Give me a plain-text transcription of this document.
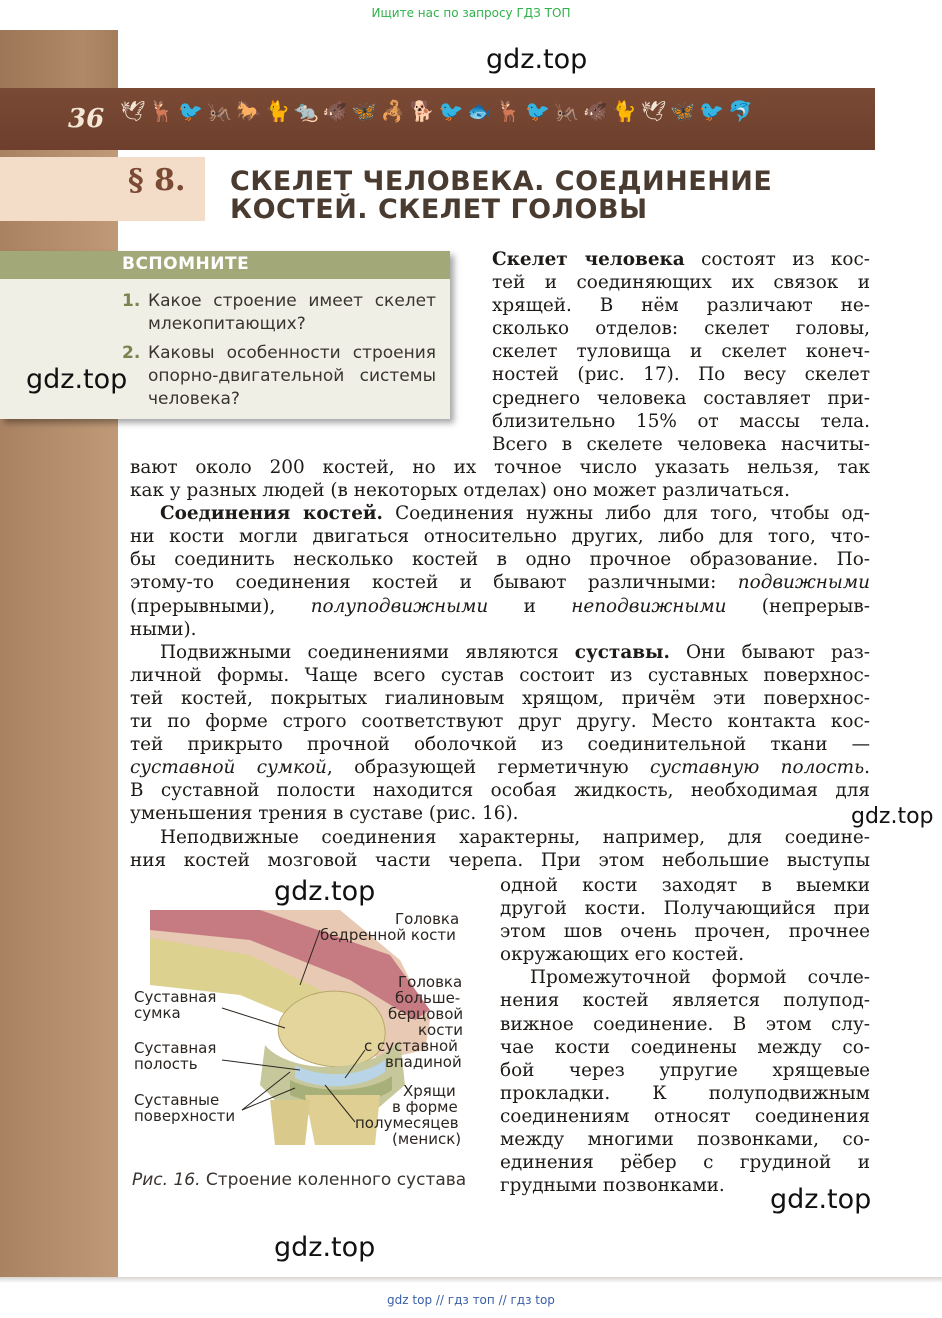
Ищите нас по запросу ГДЗ ТОП
36 🕊 🦌 🐦 🦗 🐎 🐈 🐀 🐗 🦋 🦂 🐕 🐦 🐟 🦌 🐦 🦗 🐗 🐈 🕊 🦋 🐦 🐬
§ 8. СКЕЛЕТ ЧЕЛОВЕКА. СОЕДИНЕНИЕ
КОСТЕЙ. СКЕЛЕТ ГОЛОВЫ
ВСПОМНИТЕ
1. Какое строение имеет скелет млекопитающих?
2. Каковы особенности строения опорно-двигательной системы человека?
Скелет человека состоят из кос-
тей и соединяющих их связок и
хрящей. В нём различают не-
сколько отделов: скелет головы,
скелет туловища и скелет конеч-
ностей (рис. 17). По весу скелет
среднего человека составляет при-
близительно 15% от массы тела.
Всего в скелете человека насчиты-
вают около 200 костей, но их точное число указать нельзя, так
как у разных людей (в некоторых отделах) оно может различаться.
Соединения костей. Соединения нужны либо для того, чтобы од-
ни кости могли двигаться относительно других, либо для того, что-
бы соединить несколько костей в одно прочное образование. По-
этому-то соединения костей и бывают различными: подвижными
(прерывными), полуподвижными и неподвижными (непрерыв-
ными).
Подвижными соединениями являются суставы. Они бывают раз-
личной формы. Чаще всего сустав состоит из суставных поверхнос-
тей костей, покрытых гиалиновым хрящом, причём эти поверхнос-
ти по форме строго соответствуют друг другу. Место контакта кос-
тей прикрыто прочной оболочкой из соединительной ткани —
суставной сумкой, образующей герметичную суставную полость.
В суставной полости находится особая жидкость, необходимая для
уменьшения трения в суставе (рис. 16).
Неподвижные соединения характерны, например, для соедине-
ния костей мозговой части черепа. При этом небольшие выступы
одной кости заходят в выемки
другой кости. Получающийся при
этом шов очень прочен, прочнее
окружающих его костей.
Промежуточной формой сочле-
нения костей является полупод-
вижное соединение. В этом слу-
чае кости соединены между со-
бой через упругие хрящевые
прокладки. К полуподвижным
соединениям относят соединения
между многими позвонками, со-
единения рёбер с грудиной и
грудными позвонками.
Головка
бедренной кости
Суставная
сумка
Суставная
полость
Суставные
поверхности
Головка
больше-
берцовой
кости
с суставной
впадиной
Хрящи
в форме
полумесяцев
(мениск)
Рис. 16. Строение коленного сустава
gdz.top
gdz.top
gdz.top
gdz.top
gdz.top
gdz.top
gdz top // гдз топ // гдз top
